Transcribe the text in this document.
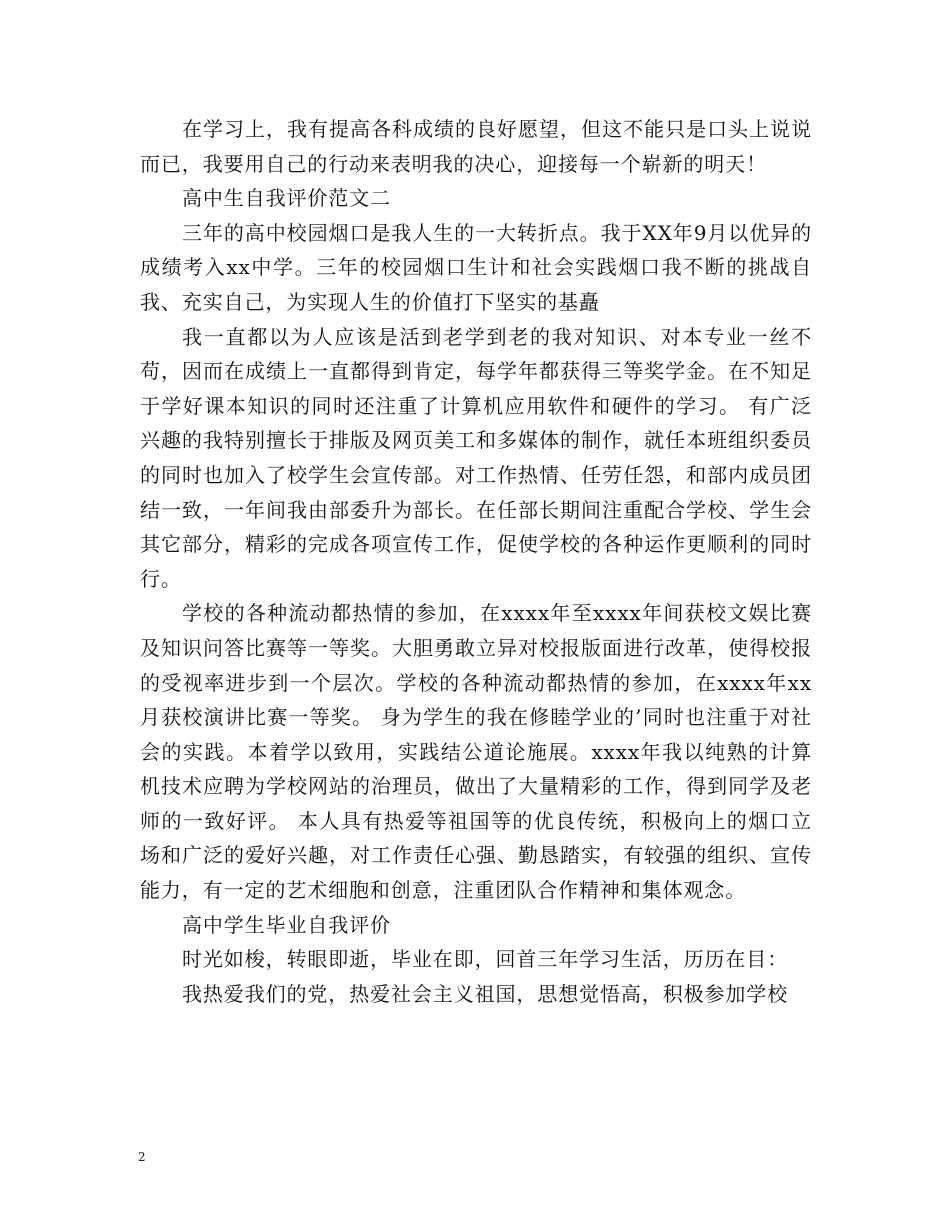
在学习上，我有提高各科成绩的良好愿望，但这不能只是口头上说说而已，我要用自己的行动来表明我的决心，迎接每一个崭新的明天！

高中生自我评价范文二

三年的高中校园烟口是我人生的一大转折点。我于XX年9月以优异的成绩考入xx中学。三年的校园烟口生计和社会实践烟口我不断的挑战自我、充实自己，为实现人生的价值打下坚实的基矗

我一直都以为人应该是活到老学到老的我对知识、对本专业一丝不苟，因而在成绩上一直都得到肯定，每学年都获得三等奖学金。在不知足于学好课本知识的同时还注重了计算机应用软件和硬件的学习。 有广泛兴趣的我特别擅长于排版及网页美工和多媒体的制作，就任本班组织委员的同时也加入了校学生会宣传部。对工作热情、任劳任怨，和部内成员团结一致，一年间我由部委升为部长。在任部长期间注重配合学校、学生会其它部分，精彩的完成各项宣传工作，促使学校的各种运作更顺利的同时行。

学校的各种流动都热情的参加，在xxxx年至xxxx年间获校文娱比赛及知识问答比赛等一等奖。大胆勇敢立异对校报版面进行改革，使得校报的受视率进步到一个层次。学校的各种流动都热情的参加，在xxxx年xx月获校演讲比赛一等奖。 身为学生的我在修睦学业的’同时也注重于对社会的实践。本着学以致用，实践结公道论施展。xxxx年我以纯熟的计算机技术应聘为学校网站的治理员，做出了大量精彩的工作，得到同学及老师的一致好评。 本人具有热爱等祖国等的优良传统，积极向上的烟口立场和广泛的爱好兴趣，对工作责任心强、勤恳踏实，有较强的组织、宣传能力，有一定的艺术细胞和创意，注重团队合作精神和集体观念。

高中学生毕业自我评价

时光如梭，转眼即逝，毕业在即，回首三年学习生活，历历在目：

我热爱我们的党，热爱社会主义祖国，思想觉悟高，积极参加学校

2
